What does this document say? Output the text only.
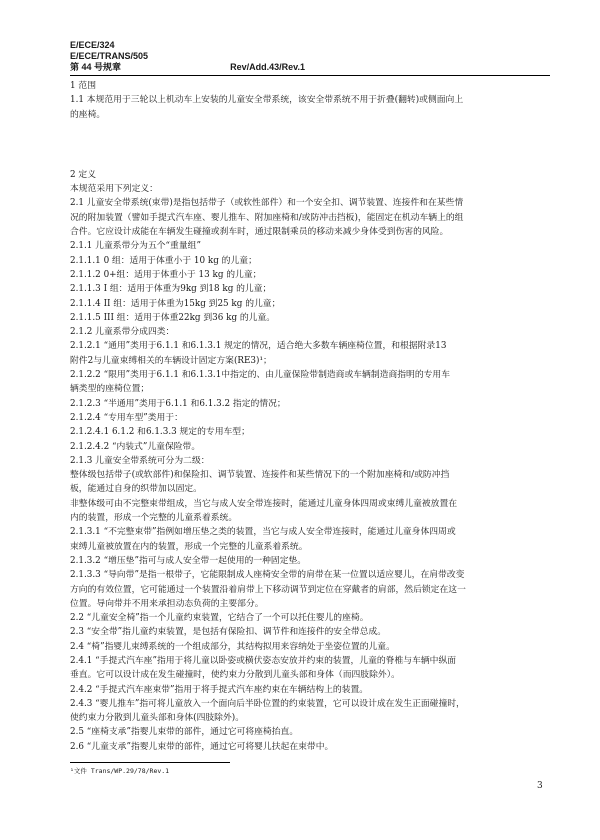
E/ECE/324
E/ECE/TRANS/505
第 44 号规章	Rev/Add.43/Rev.1

1 范围

1.1 本规范用于三轮以上机动车上安装的儿童安全带系统，该安全带系统不用于折叠(翻转)或侧面向上

的座椅。

2 定义

本规范采用下列定义：

2.1 儿童安全带系统(束带)是指包括带子（或软性部件）和一个安全扣、调节装置、连接件和在某些情

况的附加装置（譬如手提式汽车座、婴儿推车、附加座椅和/或防冲击挡板)，能固定在机动车辆上的组

合件。它应设计成能在车辆发生碰撞或刹车时，通过限制乘员的移动来减少身体受到伤害的风险。

2.1.1 儿童系带分为五个“重量组”

2.1.1.1 0 组：适用于体重小于 10 kg 的儿童；

2.1.1.2 0+组：适用于体重小于 13 kg 的儿童；

2.1.1.3 I 组：适用于体重为9kg 到18 kg 的儿童；

2.1.1.4 II 组：适用于体重为15kg 到25 kg 的儿童；

2.1.1.5 III 组：适用于体重22kg 到36 kg 的儿童。

2.1.2 儿童系带分成四类：

2.1.2.1 “通用”类用于6.1.1 和6.1.3.1 规定的情况，适合绝大多数车辆座椅位置，和根据附录13

附件2与儿童束缚相关的车辆设计固定方案(RE3)¹；

2.1.2.2 “限用”类用于6.1.1 和6.1.3.1中指定的、由儿童保险带制造商或车辆制造商指明的专用车

辆类型的座椅位置；

2.1.2.3 “半通用”类用于6.1.1 和6.1.3.2 指定的情况；

2.1.2.4 “专用车型”类用于：

2.1.2.4.1 6.1.2 和6.1.3.3 规定的专用车型；

2.1.2.4.2 “内装式”儿童保险带。

2.1.3 儿童安全带系统可分为二级：

整体级包括带子(或软部件)和保险扣、调节装置、连接件和某些情况下的一个附加座椅和/或防冲挡

板，能通过自身的织带加以固定。

非整体级可由不完整束带组成，当它与成人安全带连接时，能通过儿童身体四周或束缚儿童被放置在

内的装置，形成一个完整的儿童系着系统。

2.1.3.1 “不完整束带”指例如增压垫之类的装置，当它与成人安全带连接时，能通过儿童身体四周或

束缚儿童被放置在内的装置，形成一个完整的儿童系着系统。

2.1.3.2 “增压垫”指可与成人安全带一起使用的一种固定垫。

2.1.3.3 “导向带”是指一根带子，它能限制成人座椅安全带的肩带在某一位置以适应婴儿，在肩带改变

方向的有效位置，它可能通过一个装置沿着肩带上下移动调节到定位在穿戴者的肩部，然后锁定在这一

位置。导向带并不用来承担动态负荷的主要部分。

2.2 “儿童安全椅”指一个儿童约束装置，它结合了一个可以托住婴儿的座椅。

2.3 “安全带”指儿童约束装置，是包括有保险扣、调节件和连接件的安全带总成。

2.4 “椅”指婴儿束缚系统的一个组成部分，其结构拟用来容纳处于坐姿位置的儿童。

2.4.1 “手提式汽车座”指用于将儿童以卧姿或横伏姿态安放并约束的装置，儿童的脊椎与车辆中纵面

垂直。它可以设计成在发生碰撞时，使约束力分散到儿童头部和身体（而四肢除外）。

2.4.2 “手提式汽车座束带”指用于将手提式汽车座约束在车辆结构上的装置。

2.4.3 “婴儿推车”指可将儿童放入一个面向后半卧位置的约束装置，它可以设计成在发生正面碰撞时，

使约束力分散到儿童头部和身体(四肢除外)。

2.5 “座椅支承”指婴儿束带的部件，通过它可将座椅抬直。

2.6 “儿童支承”指婴儿束带的部件，通过它可将婴儿扶起在束带中。

¹文件 Trans/WP.29/78/Rev.1
3
